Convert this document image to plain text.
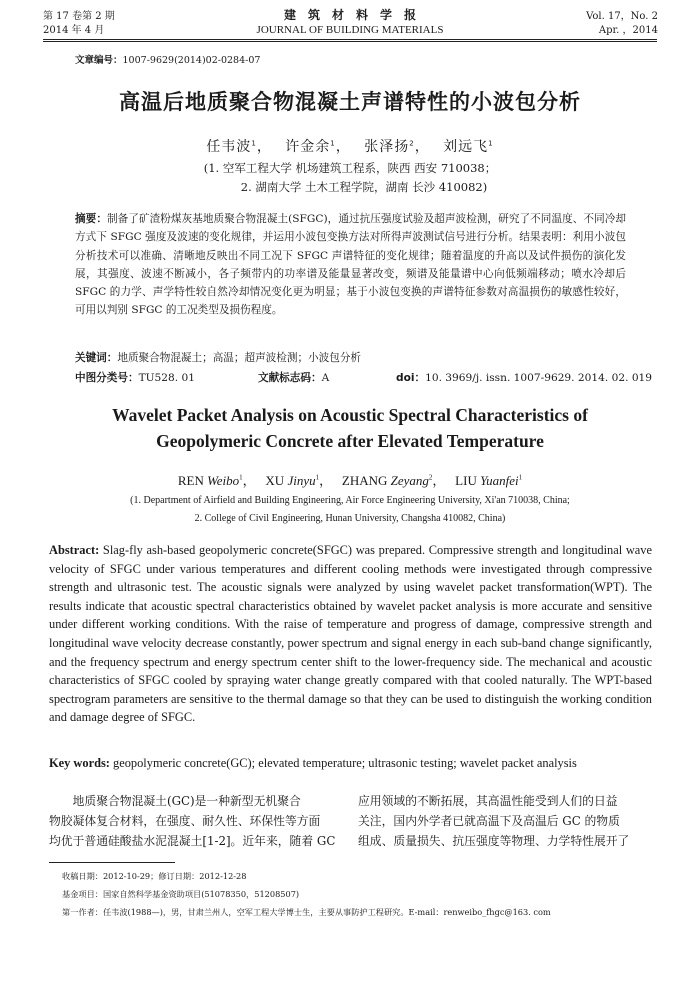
第 17 卷第 2 期
2014 年 4 月
建　筑　材　料　学　报
JOURNAL OF BUILDING MATERIALS
Vol. 17，No. 2
Apr. ，2014
文章编号：1007-9629(2014)02-0284-07
高温后地质聚合物混凝土声谱特性的小波包分析
任韦波$^1$，　 许金余$^1$，　 张泽扬$^2$，　 刘远飞$^1$
(1. 空军工程大学 机场建筑工程系，陕西 西安 710038；
2. 湖南大学 土木工程学院，湖南 长沙 410082)
摘要：制备了矿渣粉煤灰基地质聚合物混凝土(SFGC)，通过抗压强度试验及超声波检测，研究了不同温度、不同冷却方式下 SFGC 强度及波速的变化规律，并运用小波包变换方法对所得声波测试信号进行分析。结果表明：利用小波包分析技术可以准确、清晰地反映出不同工况下 SFGC 声谱特征的变化规律；随着温度的升高以及试件损伤的演化发展，其强度、波速不断减小，各子频带内的功率谱及能量显著改变，频谱及能量谱中心向低频端移动；喷水冷却后 SFGC 的力学、声学特性较自然冷却情况变化更为明显；基于小波包变换的声谱特征参数对高温损伤的敏感性较好，可用以判别 SFGC 的工况类型及损伤程度。
关键词：地质聚合物混凝土；高温；超声波检测；小波包分析
中图分类号：TU528. 01	文献标志码：A	doi：10. 3969/j. issn. 1007-9629. 2014. 02. 019
Wavelet Packet Analysis on Acoustic Spectral Characteristics of
Geopolymeric Concrete after Elevated Temperature
REN Weibo$^1$，　 XU Jinyu$^1$，　 ZHANG Zeyang$^2$，　 LIU Yuanfei$^1$
(1. Department of Airfield and Building Engineering, Air Force Engineering University, Xi'an 710038, China;
2. College of Civil Engineering, Hunan University, Changsha 410082, China)
Abstract: Slag-fly ash-based geopolymeric concrete(SFGC) was prepared. Compressive strength and longitudinal wave velocity of SFGC under various temperatures and different cooling methods were investigated through compressive strength and ultrasonic test. The acoustic signals were analyzed by using wavelet packet transformation(WPT). The results indicate that acoustic spectral characteristics obtained by wavelet packet analysis is more accurate and sensitive under different working conditions. With the raise of temperature and progress of damage, compressive strength and longitudinal wave velocity decrease constantly, power spectrum and signal energy in each sub-band change significantly, and the frequency spectrum and energy spectrum center shift to the lower-frequency side. The mechanical and acoustic characteristics of SFGC cooled by spraying water change greatly compared with that cooled naturally. The WPT-based spectrogram parameters are sensitive to the thermal damage so that they can be used to distinguish the working condition and damage degree of SFGC.
Key words: geopolymeric concrete(GC); elevated temperature; ultrasonic testing; wavelet packet analysis
　　地质聚合物混凝土(GC)是一种新型无机聚合
物胶凝体复合材料，在强度、耐久性、环保性等方面
均优于普通硅酸盐水泥混凝土[1-2]。近年来，随着 GC
应用领域的不断拓展，其高温性能受到人们的日益
关注，国内外学者已就高温下及高温后 GC 的物质
组成、质量损失、抗压强度等物理、力学特性展开了
收稿日期：2012-10-29；修订日期：2012-12-28
基金项目：国家自然科学基金资助项目(51078350，51208507)
第一作者：任韦波(1988—)，男，甘肃兰州人，空军工程大学博士生，主要从事防护工程研究。E-mail：renweibo_fhgc@163. com
